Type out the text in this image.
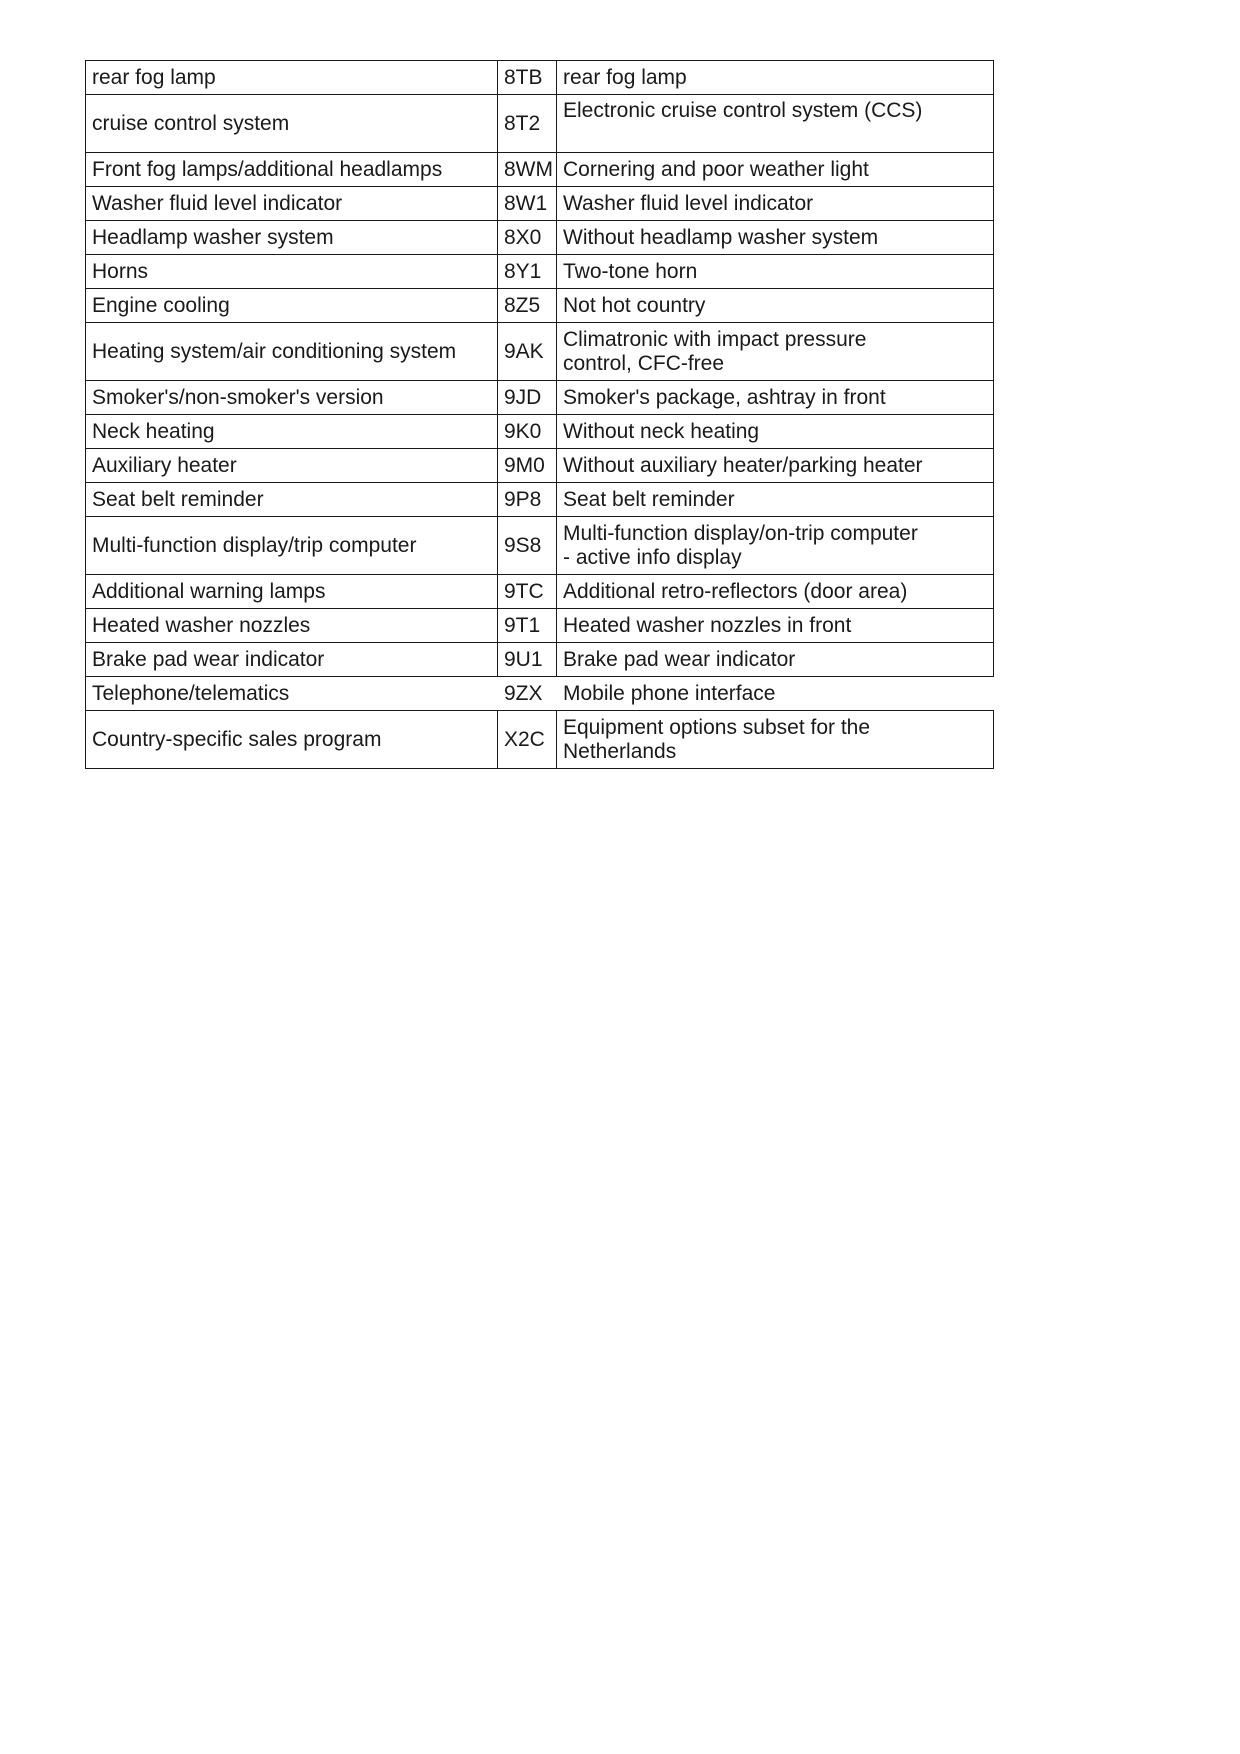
rear fog lamp	8TB	rear fog lamp

cruise control system	8T2	Electronic cruise control system (CCS)

Front fog lamps/additional headlamps	8WM	Cornering and poor weather light

Washer fluid level indicator	8W1	Washer fluid level indicator

Headlamp washer system	8X0	Without headlamp washer system

Horns	8Y1	Two-tone horn

Engine cooling	8Z5	Not hot country

Heating system/air conditioning system	9AK	Climatronic with impact pressure
control, CFC-free

Smoker's/non-smoker's version	9JD	Smoker's package, ashtray in front

Neck heating	9K0	Without neck heating

Auxiliary heater	9M0	Without auxiliary heater/parking heater

Seat belt reminder	9P8	Seat belt reminder

Multi-function display/trip computer	9S8	Multi-function display/on-trip computer
- active info display

Additional warning lamps	9TC	Additional retro-reflectors (door area)

Heated washer nozzles	9T1	Heated washer nozzles in front

Brake pad wear indicator	9U1	Brake pad wear indicator

Telephone/telematics	9ZX	Mobile phone interface

Country-specific sales program	X2C	Equipment options subset for the
Netherlands
